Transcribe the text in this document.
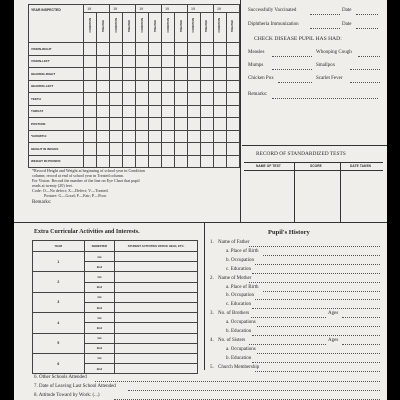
YEAR INSPECTED	19		19		19		19		19		19	
	CONDITION	TREATED	CONDITION	TREATED	CONDITION	TREATED	CONDITION	TREATED	CONDITION	TREATED	CONDITION	TREATED
VISION-RIGHT												
VISION-LEFT												
HEARING-RIGHT												
HEARING-LEFT												
TEETH												
THROAT												
POSTURE												
*GROWTH:												
HEIGHT IN INCHES												
WEIGHT IN POUNDS												
*Record Height and Weight at beginning of school year in Condition
column; record at end of school year in Treated column.
For Vision: Record the number of the line on Eye Chart that pupil
reads at twenty (20) feet.
Code: O—No defect; X—Defect; V—Treated.
Posture: G—Good; F—Fair; P—Poor.
Remarks:
Successfully Vaccinated	Date
Diphtheria Immunization	Date
CHECK DISEASE PUPIL HAS HAD:
Measles	Whooping Cough
Mumps	Smallpox
Chicken Pox	Scarlet Fever
Remarks:
RECORD OF STANDARDIZED TESTS
NAME OF TEST	SCORE	DATE TAKEN
Extra Curricular Activities and Interests.
YEAR	SEMESTER	STUDENT ACTIVITIES OFFICE HELD, ETC.
1	1st	
	2nd	
2	1st	
	2nd	
3	1st	
	2nd	
4	1st	
	2nd	
5	1st	
	2nd	
6	1st	
	2nd	
Pupil's History
1. Name of Father
a. Place of Birth
b. Occupation
c. Education
2. Name of Mother
a. Place of Birth
b. Occupation
c. Education
3. No. of Brothers	Ages
a. Occupations
b. Education
4. No. of Sisters	Ages
a. Occupations
b. Education
5. Church Membership
6. Other Schools Attended
7. Date of Leaving Last School Attended
8. Attitude Toward by Work: (...)
